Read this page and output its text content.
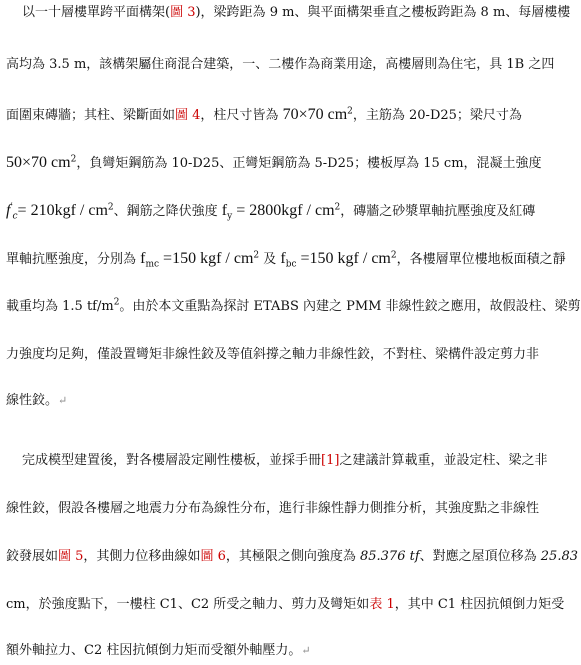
以一十層樓單跨平面構架(圖 3)，梁跨距為 9 m、與平面構架垂直之樓板跨距為 8 m、每層樓樓
高均為 3.5 m，該構架屬住商混合建築，一、二樓作為商業用途，高樓層則為住宅，具 1B 之四
面圍束磚牆；其柱、梁斷面如圖 4，柱尺寸皆為 70×70 $cm^2$，主筋為 20-D25；梁尺寸為
50×70 $cm^2$，負彎矩鋼筋為 10-D25、正彎矩鋼筋為 5-D25；樓板厚為 15 cm，混凝土強度
$f'_c= 210kgf / cm^2$、鋼筋之降伏強度 $f_y = 2800kgf / cm^2$，磚牆之砂漿單軸抗壓強度及紅磚
單軸抗壓強度，分別為 $f_{mc} =150$ kgf / $cm^2$ 及 $f_{bc} =150$ kgf / $cm^2$，各樓層單位樓地板面積之靜
載重均為 1.5 $tf/m^2$。由於本文重點為探討 ETABS 內建之 PMM 非線性鉸之應用，故假設柱、梁剪
力強度均足夠，僅設置彎矩非線性鉸及等值斜撐之軸力非線性鉸，不對柱、梁構件設定剪力非
線性鉸。↵
完成模型建置後，對各樓層設定剛性樓板，並採手冊[1]之建議計算載重，並設定柱、梁之非
線性鉸，假設各樓層之地震力分布為線性分布，進行非線性靜力側推分析，其強度點之非線性
鉸發展如圖 5，其側力位移曲線如圖 6，其極限之側向強度為 85.376 tf、對應之屋頂位移為 25.83
cm，於強度點下，一樓柱 C1、C2 所受之軸力、剪力及彎矩如表 1，其中 C1 柱因抗傾倒力矩受
額外軸拉力、C2 柱因抗傾倒力矩而受額外軸壓力。↵
